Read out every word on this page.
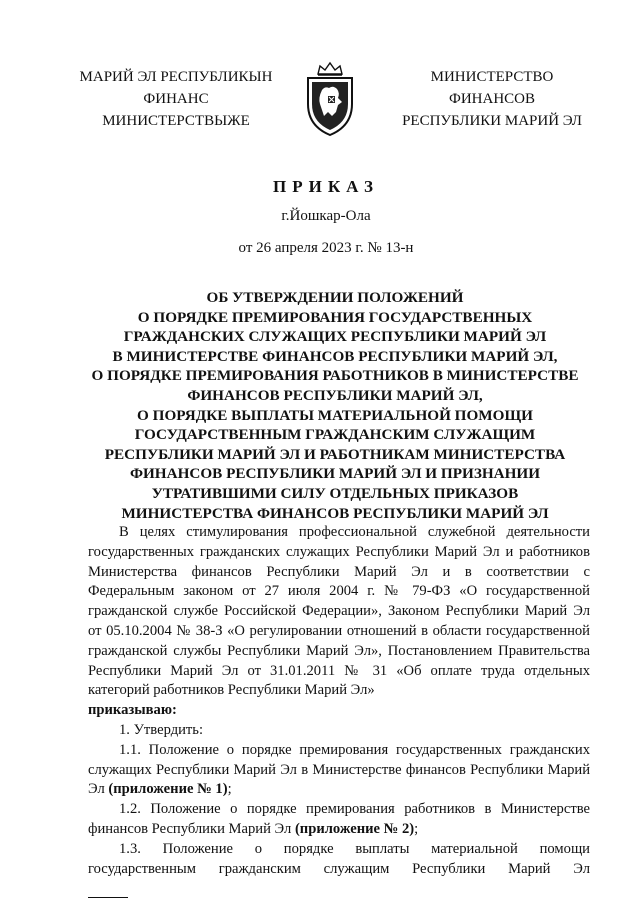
МАРИЙ ЭЛ РЕСПУБЛИКЫН
ФИНАНС
МИНИСТЕРСТВЫЖЕ
МИНИСТЕРСТВО
ФИНАНСОВ
РЕСПУБЛИКИ МАРИЙ ЭЛ
ПРИКАЗ
г.Йошкар-Ола
от 26 апреля 2023 г. № 13-н
ОБ УТВЕРЖДЕНИИ ПОЛОЖЕНИЙ
О ПОРЯДКЕ ПРЕМИРОВАНИЯ ГОСУДАРСТВЕННЫХ
ГРАЖДАНСКИХ СЛУЖАЩИХ РЕСПУБЛИКИ МАРИЙ ЭЛ
В МИНИСТЕРСТВЕ ФИНАНСОВ РЕСПУБЛИКИ МАРИЙ ЭЛ,
О ПОРЯДКЕ ПРЕМИРОВАНИЯ РАБОТНИКОВ В МИНИСТЕРСТВЕ
ФИНАНСОВ РЕСПУБЛИКИ МАРИЙ ЭЛ,
О ПОРЯДКЕ ВЫПЛАТЫ МАТЕРИАЛЬНОЙ ПОМОЩИ
ГОСУДАРСТВЕННЫМ ГРАЖДАНСКИМ СЛУЖАЩИМ
РЕСПУБЛИКИ МАРИЙ ЭЛ И РАБОТНИКАМ МИНИСТЕРСТВА
ФИНАНСОВ РЕСПУБЛИКИ МАРИЙ ЭЛ И ПРИЗНАНИИ
УТРАТИВШИМИ СИЛУ ОТДЕЛЬНЫХ ПРИКАЗОВ
МИНИСТЕРСТВА ФИНАНСОВ РЕСПУБЛИКИ МАРИЙ ЭЛ

В целях стимулирования профессиональной служебной деятельности государственных гражданских служащих Республики Марий Эл и работников Министерства финансов Республики Марий Эл и в соответствии с Федеральным законом от 27 июля 2004 г. № 79-ФЗ «О государственной гражданской службе Российской Федерации», Законом Республики Марий Эл от 05.10.2004 № 38-З «О регулировании отношений в области государственной гражданской службы Республики Марий Эл», Постановлением Правительства Республики Марий Эл от 31.01.2011 № 31 «Об оплате труда отдельных категорий работников Республики Марий Эл»

приказываю:

1. Утвердить:

1.1. Положение о порядке премирования государственных гражданских служащих Республики Марий Эл в Министерстве финансов Республики Марий Эл (приложение № 1);

1.2. Положение о порядке премирования работников в Министерстве финансов Республики Марий Эл (приложение № 2);

1.3. Положение о порядке выплаты материальной помощи государственным гражданским служащим Республики Марий Эл
